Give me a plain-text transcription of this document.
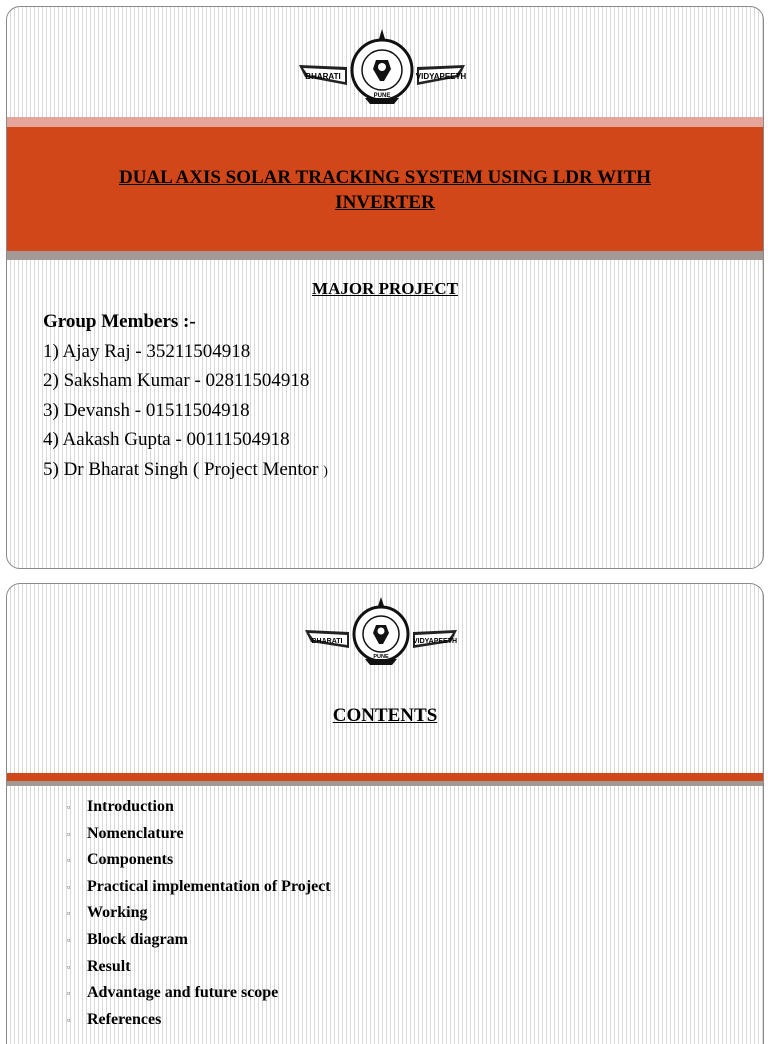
BHARATI	VIDYAPEETH
PUNE
DUAL AXIS SOLAR TRACKING SYSTEM USING LDR WITH
INVERTER
MAJOR PROJECT
Group Members :-
1) Ajay Raj - 35211504918
2) Saksham Kumar - 02811504918
3) Devansh - 01511504918
4) Aakash Gupta - 00111504918
5) Dr Bharat Singh ( Project Mentor )
BHARATI	VIDYAPEETH
PUNE
CONTENTS
▫	Introduction
▫	Nomenclature
▫	Components
▫	Practical implementation of Project
▫	Working
▫	Block diagram
▫	Result
▫	Advantage and future scope
▫	References
